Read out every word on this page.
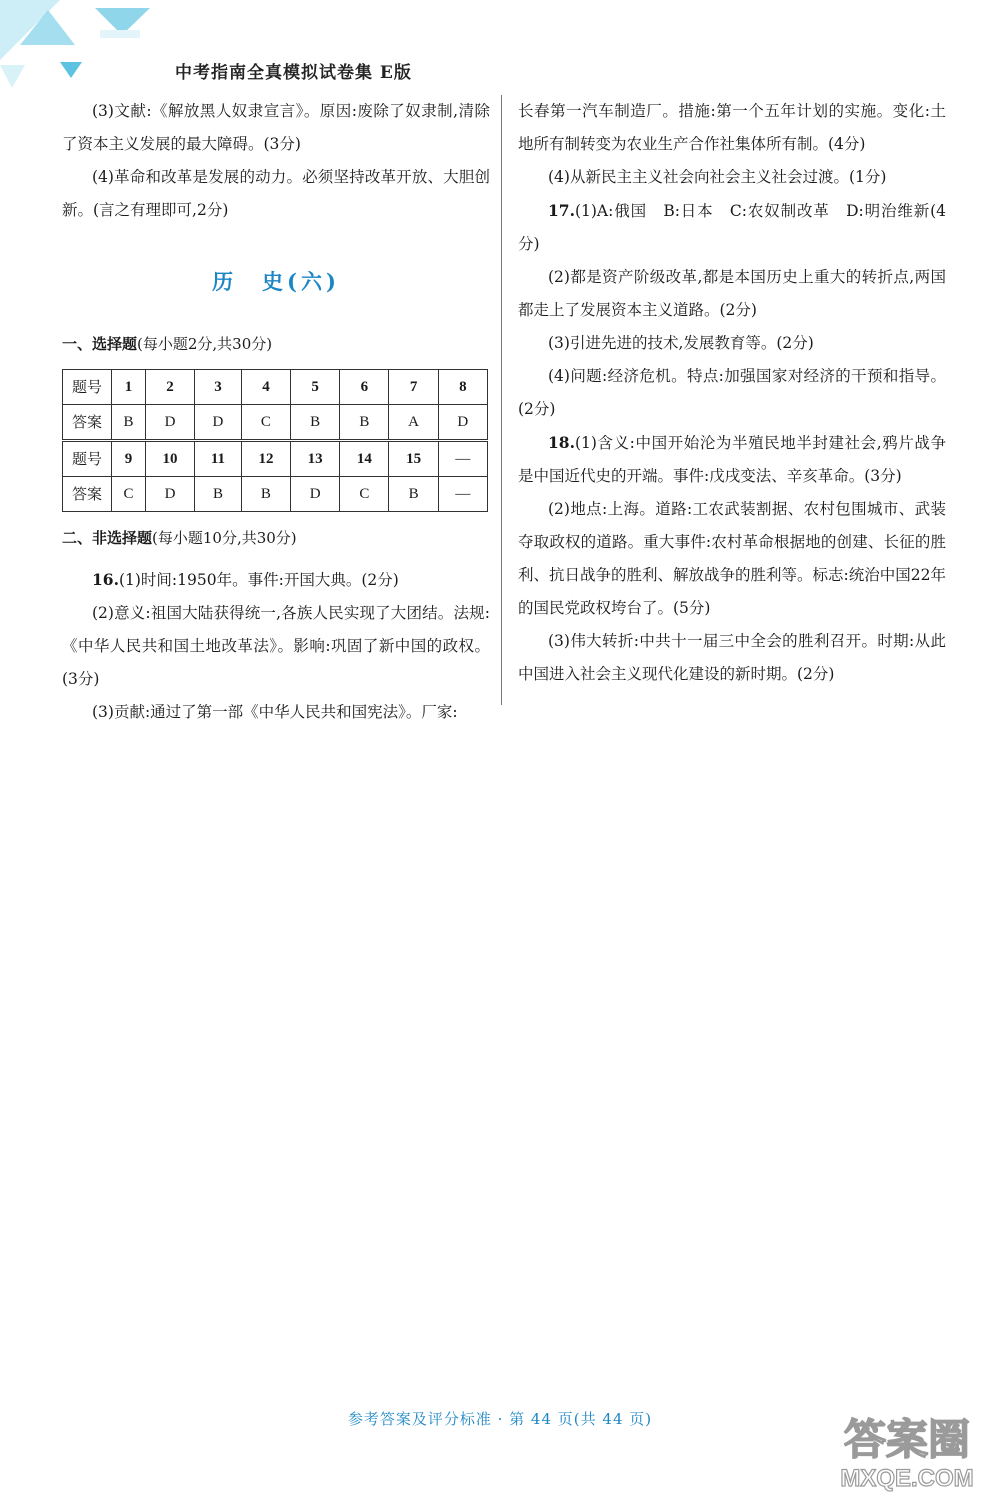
中考指南全真模拟试卷集 E版

(3)文献:《解放黑人奴隶宣言》。原因:废除了奴隶制,清除了资本主义发展的最大障碍。(3分)

(4)革命和改革是发展的动力。必须坚持改革开放、大胆创新。(言之有理即可,2分)

历　史(六)
一、选择题(每小题2分,共30分)
题号	1	2	3	4	5	6	7	8
答案	B	D	D	C	B	B	A	D
题号	9	10	11	12	13	14	15	—
答案	C	D	B	B	D	C	B	—
二、非选择题(每小题10分,共30分)

16.(1)时间:1950年。事件:开国大典。(2分)

(2)意义:祖国大陆获得统一,各族人民实现了大团结。法规:《中华人民共和国土地改革法》。影响:巩固了新中国的政权。(3分)

(3)贡献:通过了第一部《中华人民共和国宪法》。厂家:

长春第一汽车制造厂。措施:第一个五年计划的实施。变化:土地所有制转变为农业生产合作社集体所有制。(4分)

(4)从新民主主义社会向社会主义社会过渡。(1分)

17.(1)A:俄国　B:日本　C:农奴制改革　D:明治维新(4分)

(2)都是资产阶级改革,都是本国历史上重大的转折点,两国都走上了发展资本主义道路。(2分)

(3)引进先进的技术,发展教育等。(2分)

(4)问题:经济危机。特点:加强国家对经济的干预和指导。(2分)

18.(1)含义:中国开始沦为半殖民地半封建社会,鸦片战争是中国近代史的开端。事件:戊戌变法、辛亥革命。(3分)

(2)地点:上海。道路:工农武装割据、农村包围城市、武装夺取政权的道路。重大事件:农村革命根据地的创建、长征的胜利、抗日战争的胜利、解放战争的胜利等。标志:统治中国22年的国民党政权垮台了。(5分)

(3)伟大转折:中共十一届三中全会的胜利召开。时期:从此中国进入社会主义现代化建设的新时期。(2分)

参考答案及评分标准 · 第 44 页(共 44 页)	答案圈
MXQE.COM
